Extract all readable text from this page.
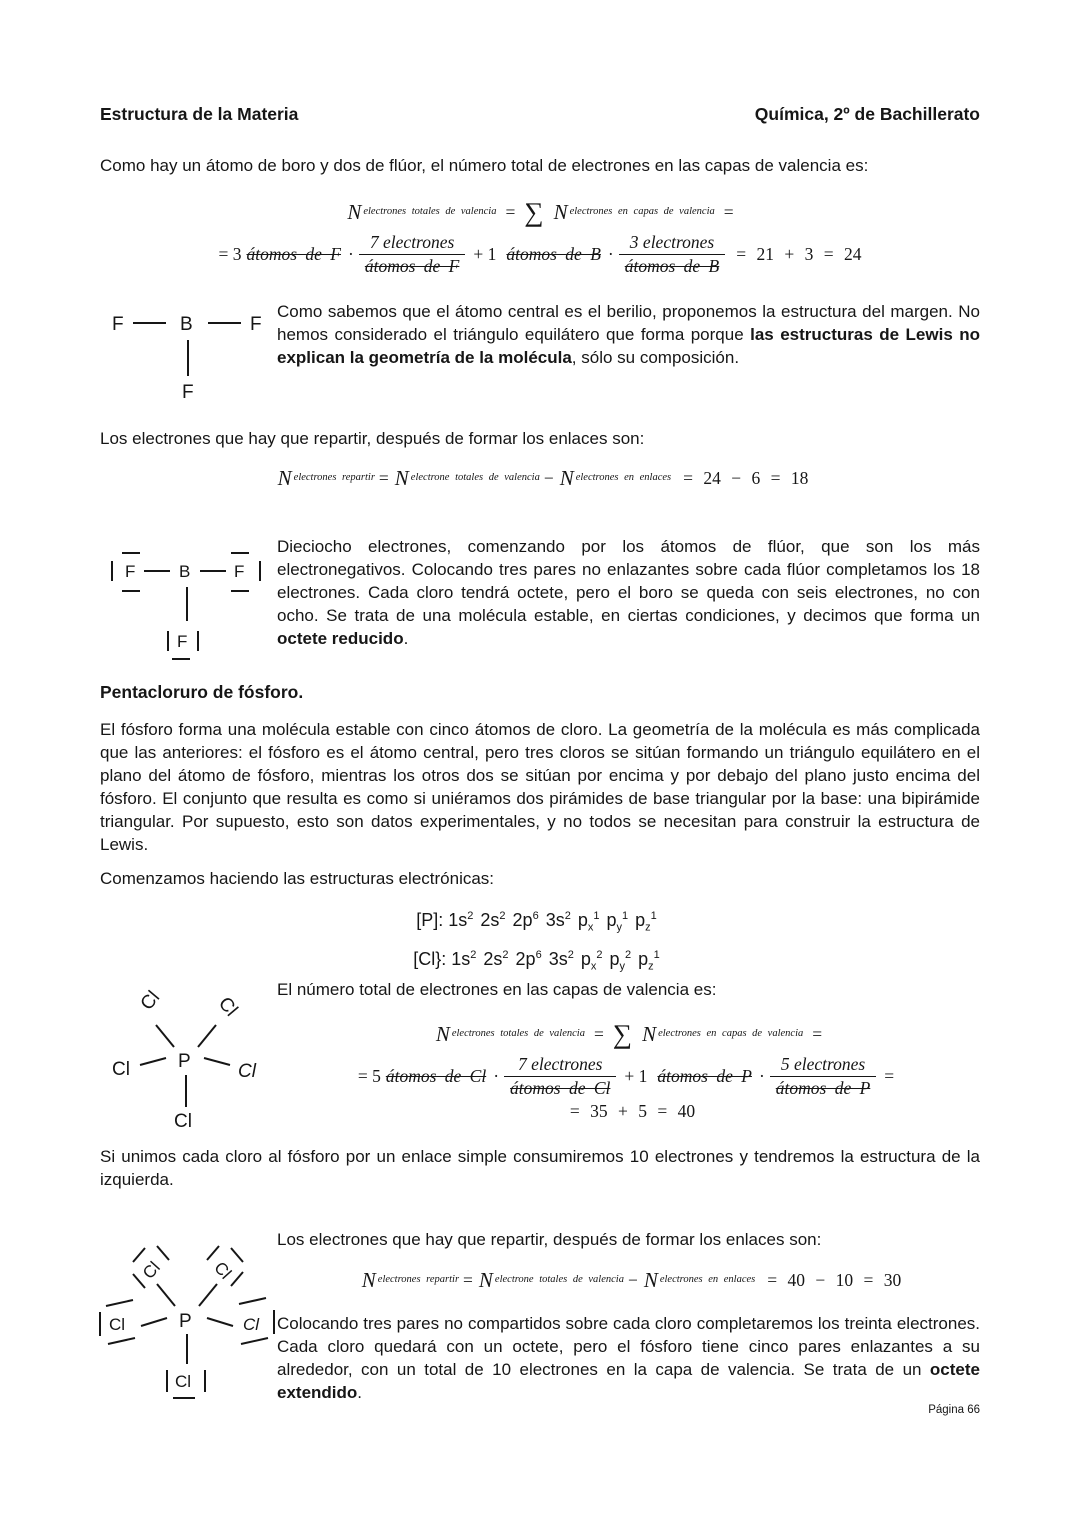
Estructura de la Materia	Química, 2º de Bachillerato
Como hay un átomo de boro y dos de flúor, el número total de electrones en las capas de valencia es:
N electrones totales de valencia = ∑ N electrones en capas de valencia =
= 3 átomos de $F \cdot \frac{\text{7 electrones}}{\text{átomos de F}} + 1$ átomos de $B \cdot \frac{\text{3 electrones}}{\text{átomos de B}} = 21 + 3 = 24$
F	B	F
F
Como sabemos que el átomo central es el berilio, proponemos la estructura del margen. No hemos considerado el triángulo equilátero que forma porque las estructuras de Lewis no explican la geometría de la molécula, sólo su composición.
Los electrones que hay que repartir, después de formar los enlaces son:
N electrones repartir = N electrone totales de valencia − N electrones en enlaces = 24 − 6 = 18
F	B	F
F
Dieciocho electrones, comenzando por los átomos de flúor, que son los más electronegativos. Colocando tres pares no enlazantes sobre cada flúor completamos los 18 electrones. Cada cloro tendrá octete, pero el boro se queda con seis electrones, no con ocho. Se trata de una molécula estable, en ciertas condiciones, y decimos que forma un octete reducido.
Pentacloruro de fósforo.
El fósforo forma una molécula estable con cinco átomos de cloro. La geometría de la molécula es más complicada que las anteriores: el fósforo es el átomo central, pero tres cloros se sitúan formando un triángulo equilátero en el plano del átomo de fósforo, mientras los otros dos se sitúan por encima y por debajo del plano justo encima del fósforo. El conjunto que resulta es como si uniéramos dos pirámides de base triangular por la base: una bipirámide triangular. Por supuesto, esto son datos experimentales, y no todos se necesitan para construir la estructura de Lewis.
Comenzamos haciendo las estructuras electrónicas:
[P]: $1s^2$ $2s^2$ $2p^6$ $3s^2$ $p_x^1$ $p_y^1$ $p_z^1$
[Cl}: $1s^2$ $2s^2$ $2p^6$ $3s^2$ $p_x^2$ $p_y^2$ $p_z^1$
Cl	Cl
Cl	P Cl
Cl
El número total de electrones en las capas de valencia es:
N electrones totales de valencia = ∑ N electrones en capas de valencia =
= 5 átomos de $Cl \cdot \frac{\text{7 electrones}}{\text{átomos de Cl}} + 1$ átomos de $P \cdot \frac{\text{5 electrones}}{\text{átomos de P}}$ =
= 35 + 5 = 40
Si unimos cada cloro al fósforo por un enlace simple consumiremos 10 electrones y tendremos la estructura de la izquierda.
Cl	Cl
P
Cl	Cl
Cl
Los electrones que hay que repartir, después de formar los enlaces son:
N electrones repartir = N electrone totales de valencia − N electrones en enlaces = 40 − 10 = 30
Colocando tres pares no compartidos sobre cada cloro completaremos los treinta electrones. Cada cloro quedará con un octete, pero el fósforo tiene cinco pares enlazantes a su alrededor, con un total de 10 electrones en la capa de valencia. Se trata de un octete extendido.
Página 66
